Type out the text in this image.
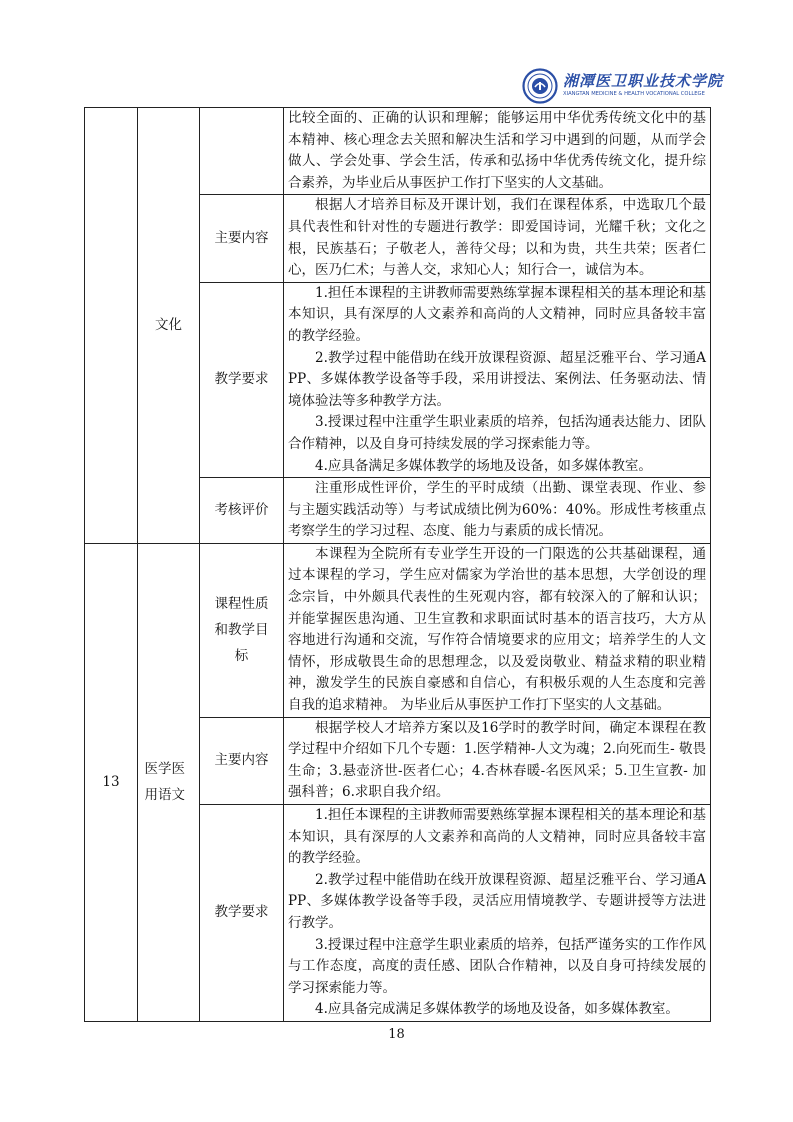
湘潭医卫职业技术学院
XIANGTAN MEDICINE & HEALTH VOCATIONAL COLLEGE
	文化		比较全面的、正确的认识和理解；能够运用中华优秀传统文化中的基本精神、核心理念去关照和解决生活和学习中遇到的问题，从而学会做人、学会处事、学会生活，传承和弘扬中华优秀传统文化，提升综合素养，为毕业后从事医护工作打下坚实的人文基础。

		主要内容	根据人才培养目标及开课计划，我们在课程体系，中选取几个最具代表性和针对性的专题进行教学：即爱国诗词，光耀千秋；文化之根，民族基石；子敬老人，善待父母；以和为贵，共生共荣；医者仁心，医乃仁术；与善人交，求知心人；知行合一，诚信为本。

		教学要求	1.担任本课程的主讲教师需要熟练掌握本课程相关的基本理论和基本知识，具有深厚的人文素养和高尚的人文精神，同时应具备较丰富的教学经验。

2.教学过程中能借助在线开放课程资源、超星泛雅平台、学习通APP、多媒体教学设备等手段，采用讲授法、案例法、任务驱动法、情境体验法等多种教学方法。

3.授课过程中注重学生职业素质的培养，包括沟通表达能力、团队合作精神，以及自身可持续发展的学习探索能力等。

4.应具备满足多媒体教学的场地及设备，如多媒体教室。

		考核评价	注重形成性评价，学生的平时成绩（出勤、课堂表现、作业、参与主题实践活动等）与考试成绩比例为60%：40%。形成性考核重点考察学生的学习过程、态度、能力与素质的成长情况。

13	医学医用语文	课程性质和教学目标	本课程为全院所有专业学生开设的一门限选的公共基础课程，通过本课程的学习，学生应对儒家为学治世的基本思想，大学创设的理念宗旨，中外颇具代表性的生死观内容，都有较深入的了解和认识；并能掌握医患沟通、卫生宣教和求职面试时基本的语言技巧，大方从容地进行沟通和交流，写作符合情境要求的应用文；培养学生的人文情怀，形成敬畏生命的思想理念，以及爱岗敬业、精益求精的职业精神，激发学生的民族自豪感和自信心，有积极乐观的人生态度和完善自我的追求精神。 为毕业后从事医护工作打下坚实的人文基础。

		主要内容	根据学校人才培养方案以及16学时的教学时间，确定本课程在教学过程中介绍如下几个专题：1.医学精神-人文为魂；2.向死而生- 敬畏生命；3.悬壶济世-医者仁心；4.杏林春暖-名医风采；5.卫生宣教- 加强科普；6.求职自我介绍。

		教学要求	1.担任本课程的主讲教师需要熟练掌握本课程相关的基本理论和基本知识，具有深厚的人文素养和高尚的人文精神，同时应具备较丰富的教学经验。

2.教学过程中能借助在线开放课程资源、超星泛雅平台、学习通APP、多媒体教学设备等手段，灵活应用情境教学、专题讲授等方法进行教学。

3.授课过程中注意学生职业素质的培养，包括严谨务实的工作作风与工作态度，高度的责任感、团队合作精神，以及自身可持续发展的学习探索能力等。

4.应具备完成满足多媒体教学的场地及设备，如多媒体教室。

18
